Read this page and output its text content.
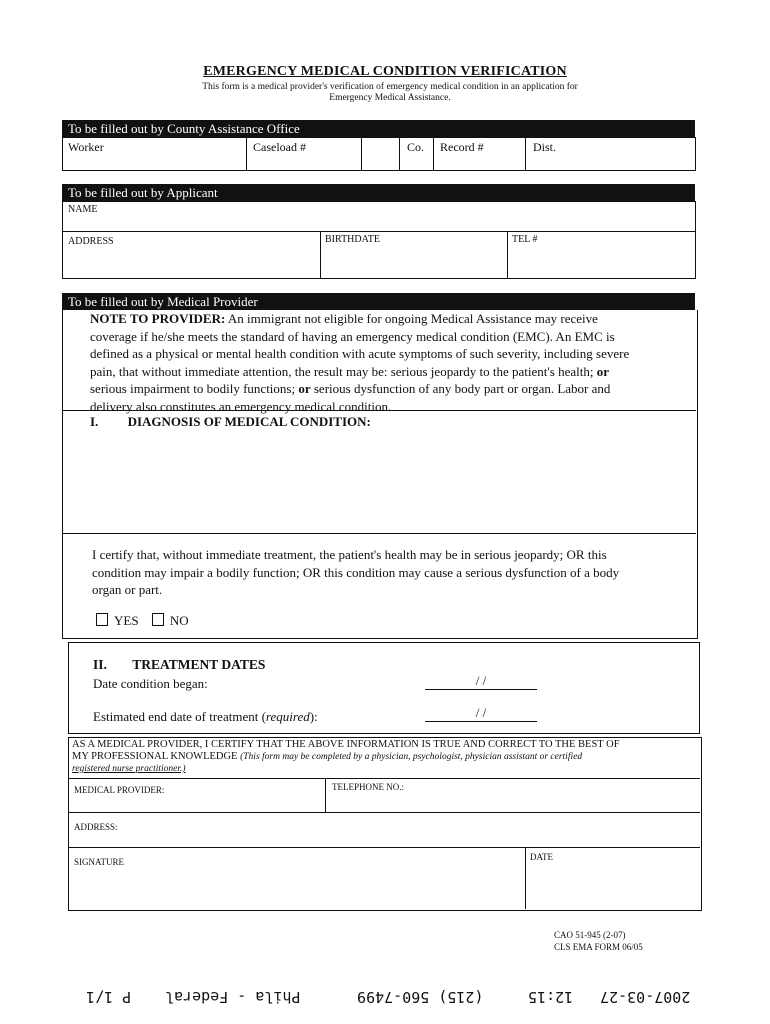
EMERGENCY MEDICAL CONDITION VERIFICATION
This form is a medical provider's verification of emergency medical condition in an application for
Emergency Medical Assistance.
To be filled out by County Assistance Office
Worker	Caseload #	Co. Record #	Dist.
To be filled out by Applicant
NAME
ADDRESS	BIRTHDATE	TEL #
To be filled out by Medical Provider
NOTE TO PROVIDER: An immigrant not eligible for ongoing Medical Assistance may receive
coverage if he/she meets the standard of having an emergency medical condition (EMC). An EMC is
defined as a physical or mental health condition with acute symptoms of such severity, including severe
pain, that without immediate attention, the result may be: serious jeopardy to the patient's health; or
serious impairment to bodily functions; or serious dysfunction of any body part or organ. Labor and
delivery also constitutes an emergency medical condition.
I. DIAGNOSIS OF MEDICAL CONDITION:
I certify that, without immediate treatment, the patient's health may be in serious jeopardy; OR this
condition may impair a bodily function; OR this condition may cause a serious dysfunction of a body
organ or part.
YES NO
II. TREATMENT DATES
Date condition began:	/ /
Estimated end date of treatment (required):	/ /
AS A MEDICAL PROVIDER, I CERTIFY THAT THE ABOVE INFORMATION IS TRUE AND CORRECT TO THE BEST OF
MY PROFESSIONAL KNOWLEDGE (This form may be completed by a physician, psychologist, physician assistant or certified
registered nurse practitioner.)
MEDICAL PROVIDER:	TELEPHONE NO.:
ADDRESS:
SIGNATURE	DATE
CAO 51-945 (2-07)
CLS EMA FORM 06/05
2007-03-27
12:15
(215) 560-7499
Phila - Federal
P 1/1
